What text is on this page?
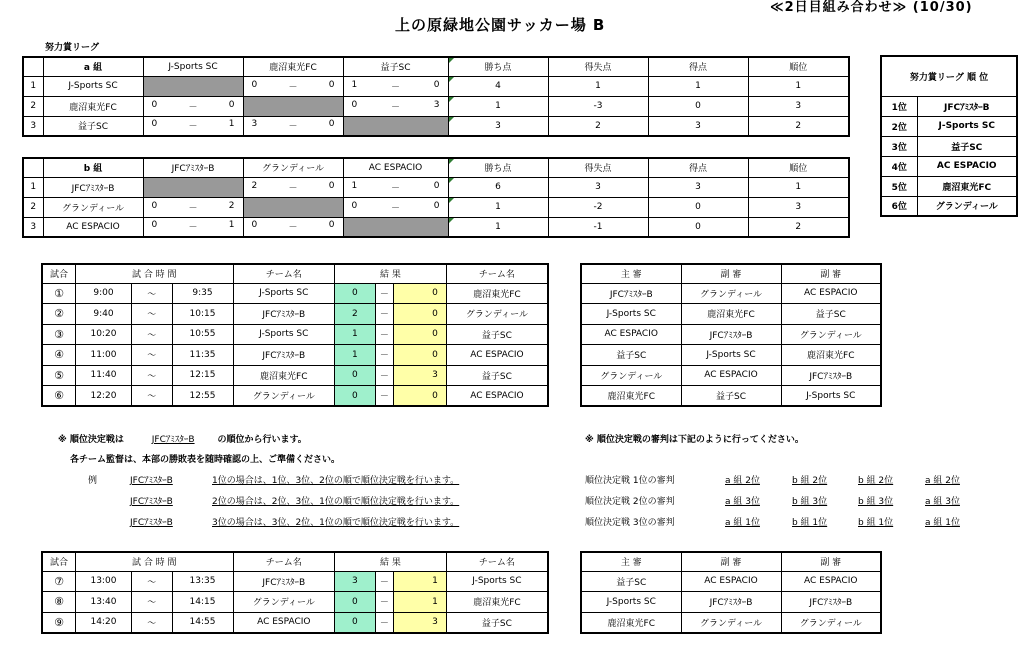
上の原緑地公園サッカー場 B
≪2日目組み合わせ≫ (10/30)
努力賞リーグ
	a 組	J-Sports SC	鹿沼東光FC	益子SC	勝ち点	得失点	得点	順位
1	J-Sports SC		0 － 0	1 － 0	4	1	1	1
2	鹿沼東光FC	0 － 0		0 － 3	1	-3	0	3
3	益子SC	0 － 1	3 － 0		3	2	3	2
	b 組	JFCｱﾐｽﾀｰB	グランディール	AC ESPACIO	勝ち点	得失点	得点	順位
1	JFCｱﾐｽﾀｰB		2 － 0	1 － 0	6	3	3	1
2	グランディール	0 － 2		0 － 0	1	-2	0	3
3	AC ESPACIO	0 － 1	0 － 0		1	-1	0	2
努力賞リーグ 順 位	
1位	JFCｱﾐｽﾀｰB
2位	J-Sports SC
3位	益子SC
4位	AC ESPACIO
5位	鹿沼東光FC
6位	グランディール
試合	試 合 時 間			チーム名	結 果			チーム名
①	9:00	～	9:35	J-Sports SC	0	－	0	鹿沼東光FC
②	9:40	～	10:15	JFCｱﾐｽﾀｰB	2	－	0	グランディール
③	10:20	～	10:55	J-Sports SC	1	－	0	益子SC
④	11:00	～	11:35	JFCｱﾐｽﾀｰB	1	－	0	AC ESPACIO
⑤	11:40	～	12:15	鹿沼東光FC	0	－	3	益子SC
⑥	12:20	～	12:55	グランディール	0	－	0	AC ESPACIO
主 審	副 審	副 審
JFCｱﾐｽﾀｰB	グランディール	AC ESPACIO
J-Sports SC	鹿沼東光FC	益子SC
AC ESPACIO	JFCｱﾐｽﾀｰB	グランディール
益子SC	J-Sports SC	鹿沼東光FC
グランディール	AC ESPACIO	JFCｱﾐｽﾀｰB
鹿沼東光FC	益子SC	J-Sports SC
※ 順位決定戦は	JFCｱﾐｽﾀｰB	の順位から行います。
各チーム監督は、本部の勝敗表を随時確認の上、ご準備ください。
例	JFCｱﾐｽﾀｰB	1位の場合は、1位、3位、2位の順で順位決定戦を行います。
JFCｱﾐｽﾀｰB	2位の場合は、2位、3位、1位の順で順位決定戦を行います。
JFCｱﾐｽﾀｰB	3位の場合は、3位、2位、1位の順で順位決定戦を行います。
※ 順位決定戦の審判は下記のように行ってください。
順位決定戦 1位の審判	a 組 2位	b 組 2位	b 組 2位	a 組 2位
順位決定戦 2位の審判	a 組 3位	b 組 3位	b 組 3位	a 組 3位
順位決定戦 3位の審判	a 組 1位	b 組 1位	b 組 1位	a 組 1位
試合	試 合 時 間			チーム名	結 果			チーム名
⑦	13:00	～	13:35	JFCｱﾐｽﾀｰB	3	－	1	J-Sports SC
⑧	13:40	～	14:15	グランディール	0	－	1	鹿沼東光FC
⑨	14:20	～	14:55	AC ESPACIO	0	－	3	益子SC
主 審	副 審	副 審
益子SC	AC ESPACIO	AC ESPACIO
J-Sports SC	JFCｱﾐｽﾀｰB	JFCｱﾐｽﾀｰB
鹿沼東光FC	グランディール	グランディール
